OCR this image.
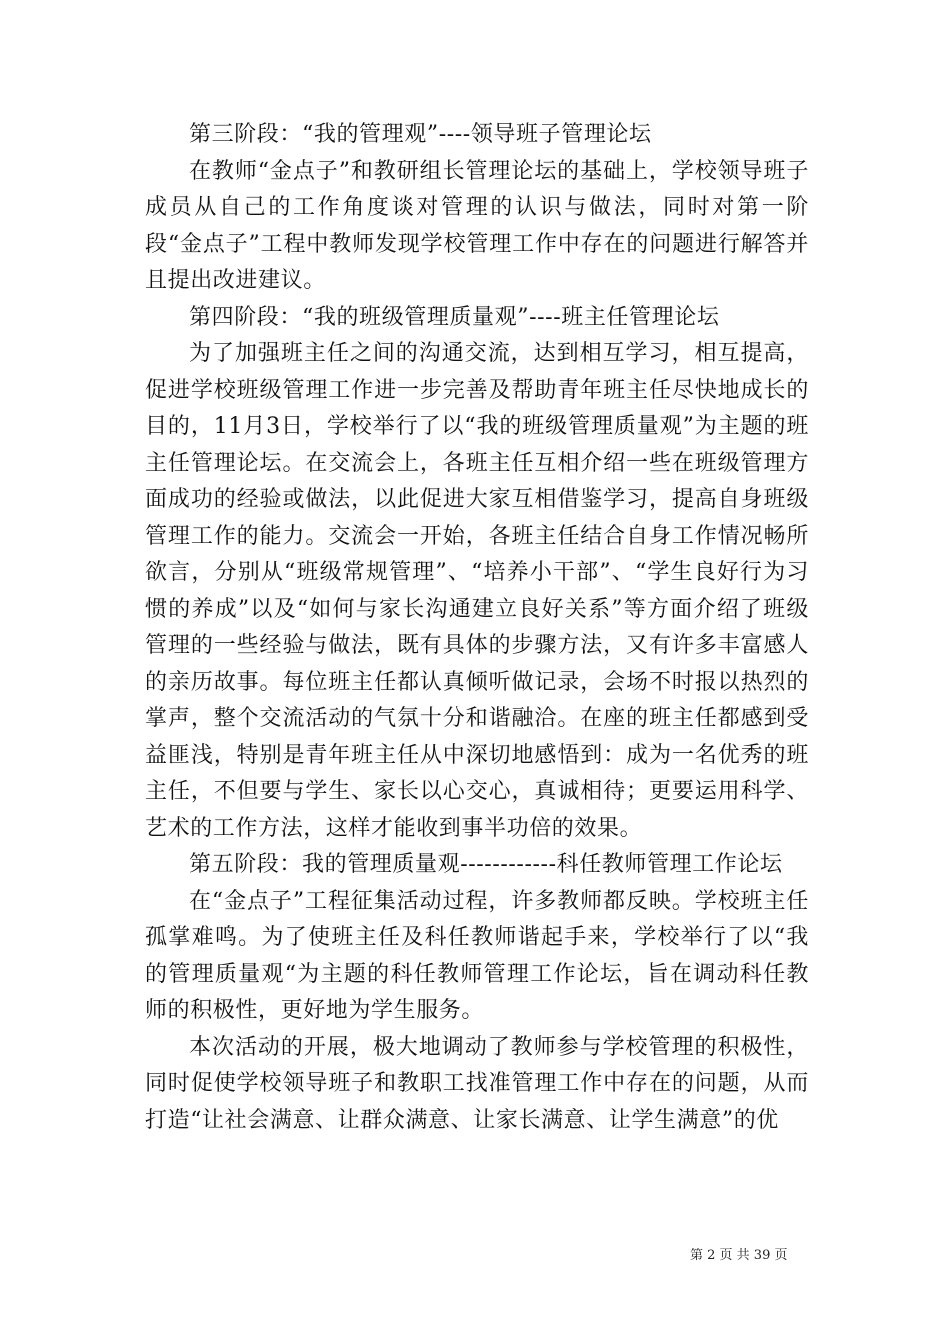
第三阶段：“我的管理观”----领导班子管理论坛

在教师“金点子”和教研组长管理论坛的基础上，学校领导班子成员从自己的工作角度谈对管理的认识与做法，同时对第一阶段“金点子”工程中教师发现学校管理工作中存在的问题进行解答并且提出改进建议。

第四阶段：“我的班级管理质量观”----班主任管理论坛

为了加强班主任之间的沟通交流，达到相互学习，相互提高，促进学校班级管理工作进一步完善及帮助青年班主任尽快地成长的目的，11月3日，学校举行了以“我的班级管理质量观”为主题的班主任管理论坛。在交流会上，各班主任互相介绍一些在班级管理方面成功的经验或做法，以此促进大家互相借鉴学习，提高自身班级管理工作的能力。交流会一开始，各班主任结合自身工作情况畅所欲言，分别从“班级常规管理”、“培养小干部”、“学生良好行为习惯的养成”以及“如何与家长沟通建立良好关系”等方面介绍了班级管理的一些经验与做法，既有具体的步骤方法，又有许多丰富感人的亲历故事。每位班主任都认真倾听做记录，会场不时报以热烈的掌声，整个交流活动的气氛十分和谐融洽。在座的班主任都感到受益匪浅，特别是青年班主任从中深切地感悟到：成为一名优秀的班主任，不但要与学生、家长以心交心，真诚相待；更要运用科学、艺术的工作方法，这样才能收到事半功倍的效果。

第五阶段：我的管理质量观------------科任教师管理工作论坛

在“金点子”工程征集活动过程，许多教师都反映。学校班主任孤掌难鸣。为了使班主任及科任教师谐起手来，学校举行了以“我的管理质量观“为主题的科任教师管理工作论坛，旨在调动科任教师的积极性，更好地为学生服务。

本次活动的开展，极大地调动了教师参与学校管理的积极性，同时促使学校领导班子和教职工找准管理工作中存在的问题，从而打造“让社会满意、让群众满意、让家长满意、让学生满意”的优

第 2 页 共 39 页
